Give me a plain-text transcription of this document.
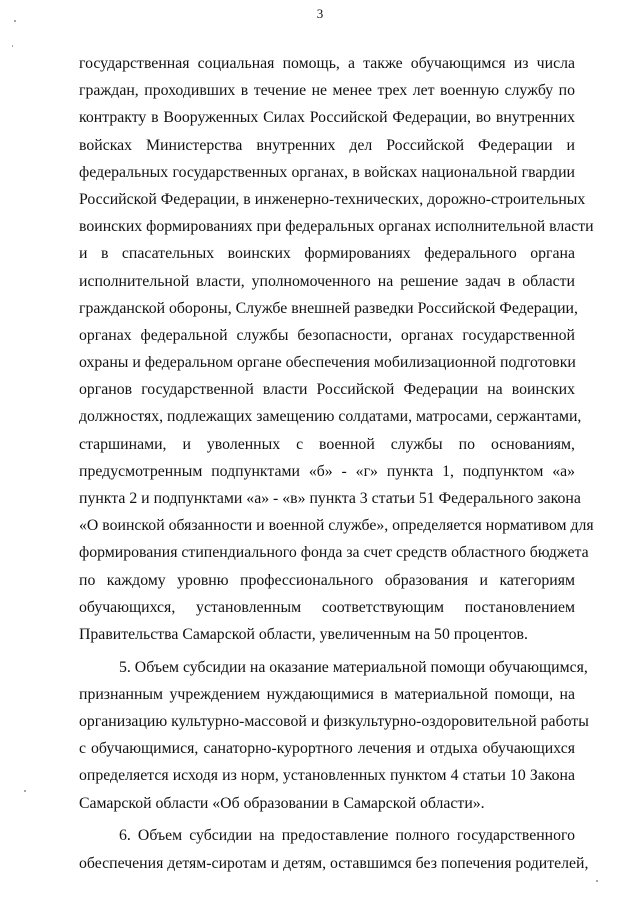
3
государственная социальная помощь, а также обучающимся из числа
граждан, проходивших в течение не менее трех лет военную службу по
контракту в Вооруженных Силах Российской Федерации, во внутренних
войсках Министерства внутренних дел Российской Федерации и
федеральных государственных органах, в войсках национальной гвардии
Российской Федерации, в инженерно-технических, дорожно-строительных
воинских формированиях при федеральных органах исполнительной власти
и в спасательных воинских формированиях федерального органа
исполнительной власти, уполномоченного на решение задач в области
гражданской обороны, Службе внешней разведки Российской Федерации,
органах федеральной службы безопасности, органах государственной
охраны и федеральном органе обеспечения мобилизационной подготовки
органов государственной власти Российской Федерации на воинских
должностях, подлежащих замещению солдатами, матросами, сержантами,
старшинами, и уволенных с военной службы по основаниям,
предусмотренным подпунктами «б» - «г» пункта 1, подпунктом «а»
пункта 2 и подпунктами «а» - «в» пункта 3 статьи 51 Федерального закона
«О воинской обязанности и военной службе», определяется нормативом для
формирования стипендиального фонда за счет средств областного бюджета
по каждому уровню профессионального образования и категориям
обучающихся, установленным соответствующим постановлением
Правительства Самарской области, увеличенным на 50 процентов.
5. Объем субсидии на оказание материальной помощи обучающимся,
признанным учреждением нуждающимися в материальной помощи, на
организацию культурно-массовой и физкультурно-оздоровительной работы
с обучающимися, санаторно-курортного лечения и отдыха обучающихся
определяется исходя из норм, установленных пунктом 4 статьи 10 Закона
Самарской области «Об образовании в Самарской области».
6. Объем субсидии на предоставление полного государственного
обеспечения детям-сиротам и детям, оставшимся без попечения родителей,
